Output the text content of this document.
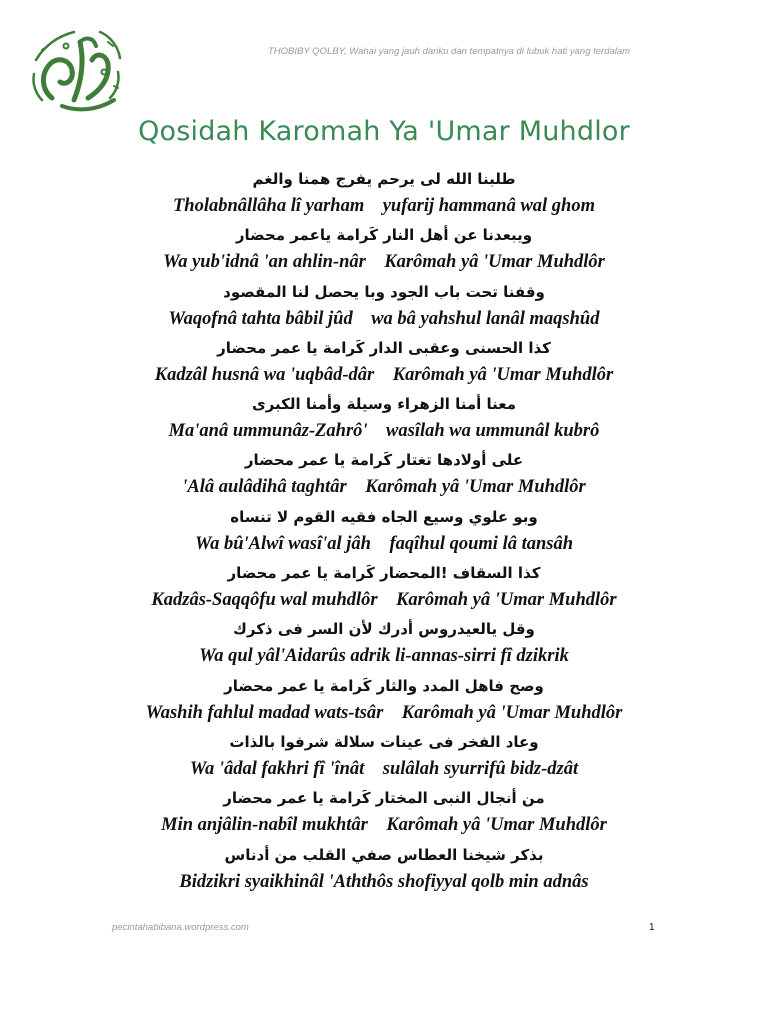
THOBIBY QOLBY, Wahai yang jauh dariku dan tempatnya di lubuk hati yang terdalam
Qosidah Karomah Ya 'Umar Muhdlor
طلبنا الله لى يرحم يفرج همنا والغم
Tholabnâllâha lî yarham    yufarij hammanâ wal ghom
ويبعدنا عن أهل النار كَرامة ياعمر محضار
Wa yub'idnâ 'an ahlin-nâr    Karômah yâ 'Umar Muhdlôr
وقفنا تحت باب الجود وبا يحصل لنا المقصود
Waqofnâ tahta bâbil jûd    wa bâ yahshul lanâl maqshûd
كذا الحسنى وعقبى الدار كَرامة يا عمر محضار
Kadzâl husnâ wa 'uqbâd-dâr    Karômah yâ 'Umar Muhdlôr
معنا أمنا الزهراء وسيلة وأمنا الكبرى
Ma'anâ ummunâz-Zahrô'    wasîlah wa ummunâl kubrô
على أولادها تغتار كَرامة يا عمر محضار
'Alâ aulâdihâ taghtâr    Karômah yâ 'Umar Muhdlôr
وبو علوي وسيع الجاه فقيه القوم لا تنساه
Wa bû'Alwî wasî'al jâh    faqîhul qoumi lâ tansâh
كذا السقاف !المحضار كَرامة يا عمر محضار
Kadzâs-Saqqôfu wal muhdlôr    Karômah yâ 'Umar Muhdlôr
وقل يالعيدروس أدرك لأن السر فى ذكرك
Wa qul yâl'Aidarûs adrik li-annas-sirri fî dzikrik
وصح فاهل المدد والثار كَرامة يا عمر محضار
Washih fahlul madad wats-tsâr    Karômah yâ 'Umar Muhdlôr
وعاد الفخر فى عينات سلالة شرفوا بالذات
Wa 'âdal fakhri fî 'înât    sulâlah syurrifû bidz-dzât
من أنجال النبى المختار كَرامة يا عمر محضار
Min anjâlin-nabîl mukhtâr    Karômah yâ 'Umar Muhdlôr
بذكر شيخنا العطاس صفي القلب من أدناس
Bidzikri syaikhinâl 'Aththôs shofiyyal qolb min adnâs
pecintahabibana.wordpress.com	1
